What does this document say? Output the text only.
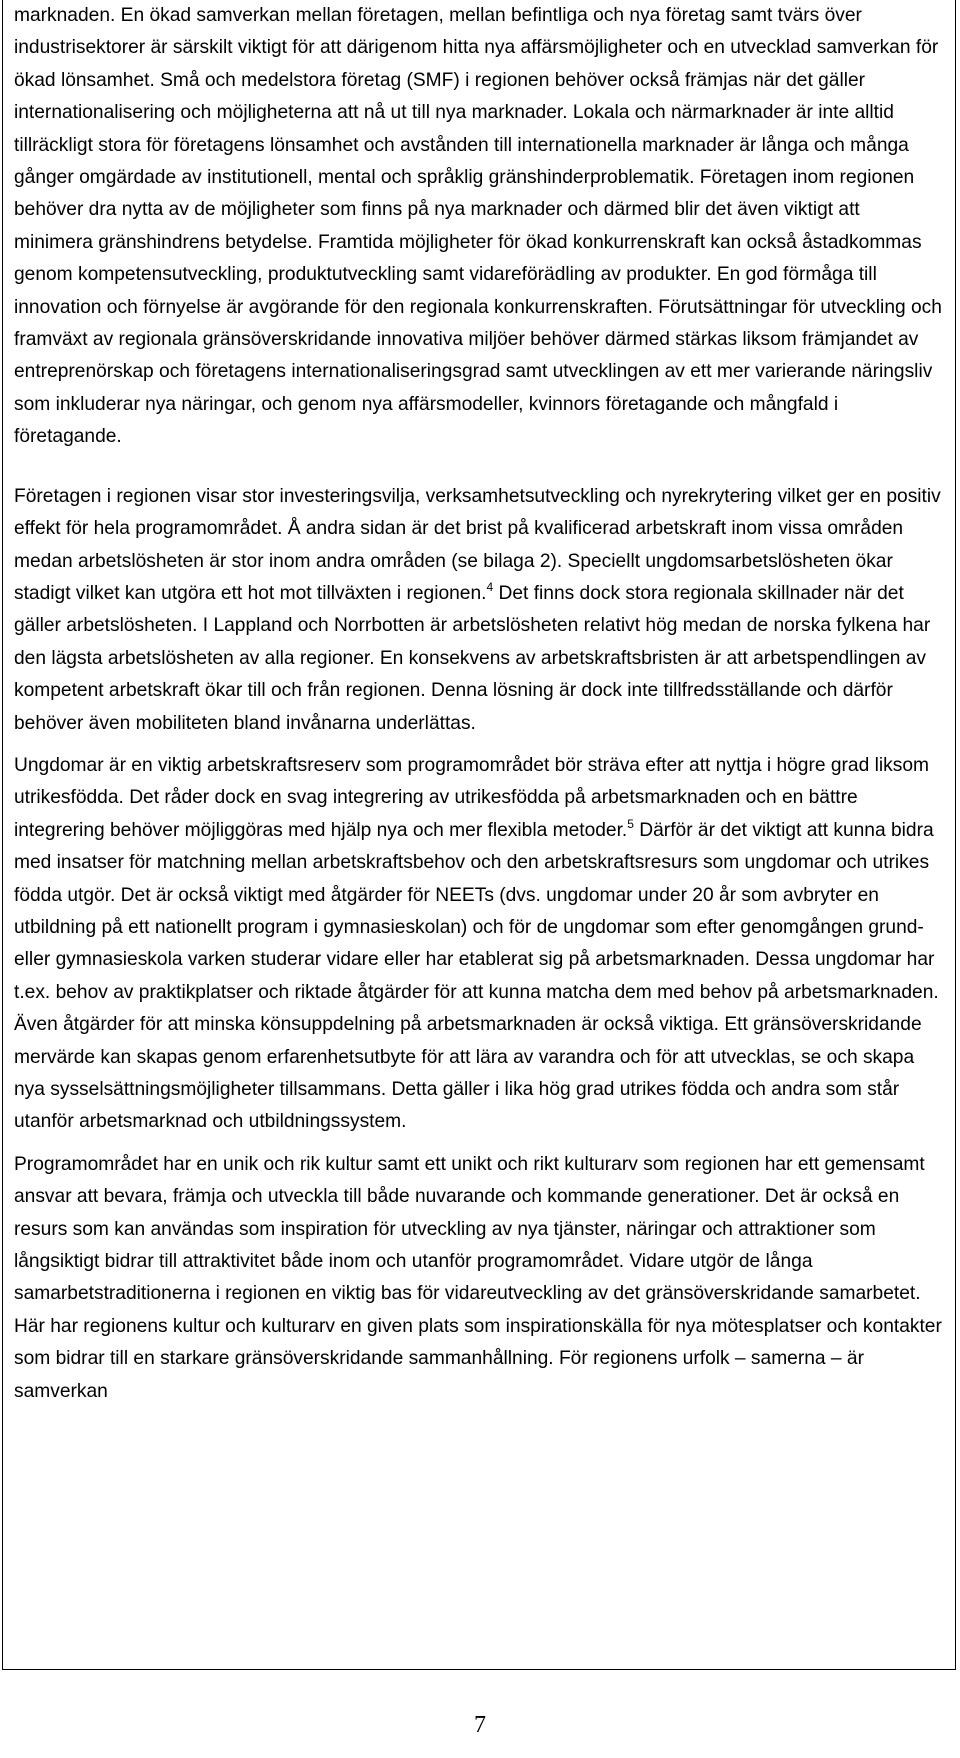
marknaden. En ökad samverkan mellan företagen, mellan befintliga och nya företag samt tvärs över industrisektorer är särskilt viktigt för att därigenom hitta nya affärsmöjligheter och en utvecklad samverkan för ökad lönsamhet. Små och medelstora företag (SMF) i regionen behöver också främjas när det gäller internationalisering och möjligheterna att nå ut till nya marknader. Lokala och närmarknader är inte alltid tillräckligt stora för företagens lönsamhet och avstånden till internationella marknader är långa och många gånger omgärdade av institutionell, mental och språklig gränshinderproblematik. Företagen inom regionen behöver dra nytta av de möjligheter som finns på nya marknader och därmed blir det även viktigt att minimera gränshindrens betydelse. Framtida möjligheter för ökad konkurrenskraft kan också åstadkommas genom kompetensutveckling, produktutveckling samt vidareförädling av produkter. En god förmåga till innovation och förnyelse är avgörande för den regionala konkurrenskraften. Förutsättningar för utveckling och framväxt av regionala gränsöverskridande innovativa miljöer behöver därmed stärkas liksom främjandet av entreprenörskap och företagens internationaliseringsgrad samt utvecklingen av ett mer varierande näringsliv som inkluderar nya näringar, och genom nya affärsmodeller, kvinnors företagande och mångfald i företagande.

Företagen i regionen visar stor investeringsvilja, verksamhetsutveckling och nyrekrytering vilket ger en positiv effekt för hela programområdet. Å andra sidan är det brist på kvalificerad arbetskraft inom vissa områden medan arbetslösheten är stor inom andra områden (se bilaga 2). Speciellt ungdomsarbetslösheten ökar stadigt vilket kan utgöra ett hot mot tillväxten i regionen.$^4$ Det finns dock stora regionala skillnader när det gäller arbetslösheten. I Lappland och Norrbotten är arbetslösheten relativt hög medan de norska fylkena har den lägsta arbetslösheten av alla regioner. En konsekvens av arbetskraftsbristen är att arbetspendlingen av kompetent arbetskraft ökar till och från regionen. Denna lösning är dock inte tillfredsställande och därför behöver även mobiliteten bland invånarna underlättas.

Ungdomar är en viktig arbetskraftsreserv som programområdet bör sträva efter att nyttja i högre grad liksom utrikesfödda. Det råder dock en svag integrering av utrikesfödda på arbetsmarknaden och en bättre integrering behöver möjliggöras med hjälp nya och mer flexibla metoder.$^5$ Därför är det viktigt att kunna bidra med insatser för matchning mellan arbetskraftsbehov och den arbetskraftsresurs som ungdomar och utrikes födda utgör. Det är också viktigt med åtgärder för NEETs (dvs. ungdomar under 20 år som avbryter en utbildning på ett nationellt program i gymnasieskolan) och för de ungdomar som efter genomgången grund- eller gymnasieskola varken studerar vidare eller har etablerat sig på arbetsmarknaden. Dessa ungdomar har t.ex. behov av praktikplatser och riktade åtgärder för att kunna matcha dem med behov på arbetsmarknaden. Även åtgärder för att minska könsuppdelning på arbetsmarknaden är också viktiga. Ett gränsöverskridande mervärde kan skapas genom erfarenhetsutbyte för att lära av varandra och för att utvecklas, se och skapa nya sysselsättningsmöjligheter tillsammans. Detta gäller i lika hög grad utrikes födda och andra som står utanför arbetsmarknad och utbildningssystem.

Programområdet har en unik och rik kultur samt ett unikt och rikt kulturarv som regionen har ett gemensamt ansvar att bevara, främja och utveckla till både nuvarande och kommande generationer. Det är också en resurs som kan användas som inspiration för utveckling av nya tjänster, näringar och attraktioner som långsiktigt bidrar till attraktivitet både inom och utanför programområdet. Vidare utgör de långa samarbetstraditionerna i regionen en viktig bas för vidareutveckling av det gränsöverskridande samarbetet. Här har regionens kultur och kulturarv en given plats som inspirationskälla för nya mötesplatser och kontakter som bidrar till en starkare gränsöverskridande sammanhållning. För regionens urfolk – samerna – är samverkan

7
